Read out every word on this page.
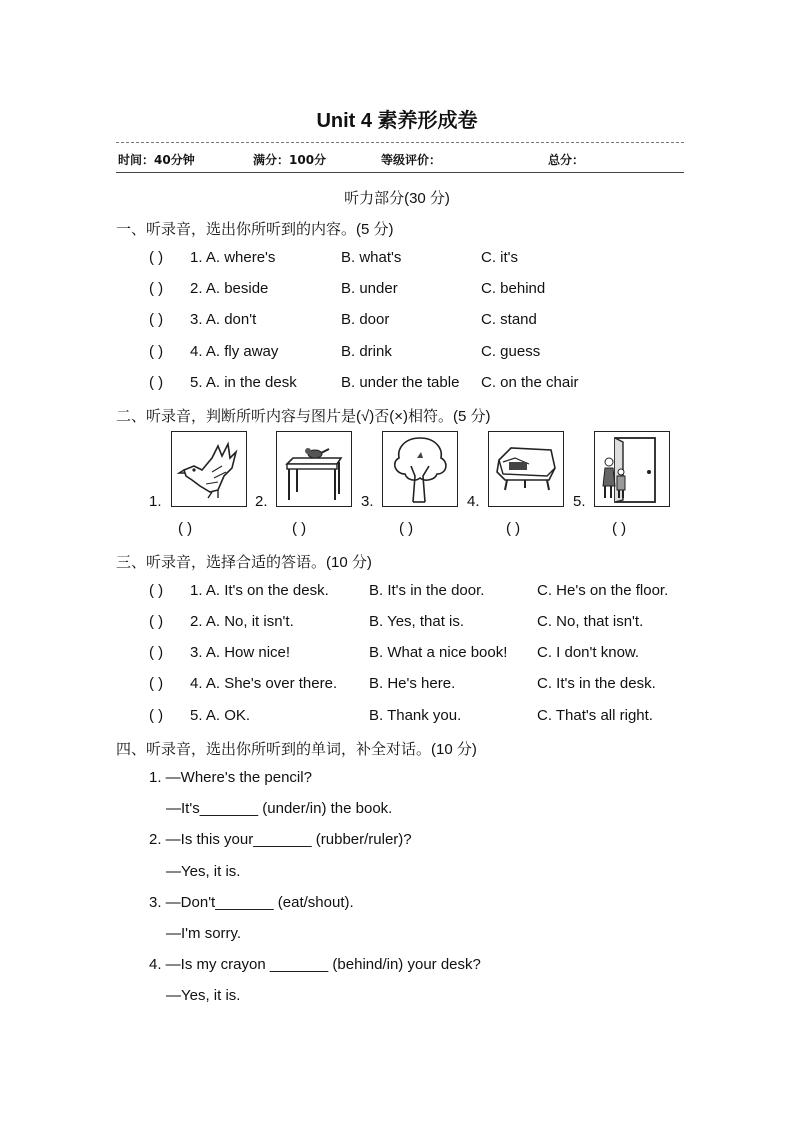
Unit 4 素养形成卷
时间：40分钟	满分：100分	等级评价：	总分：
听力部分(30 分)
一、听录音，选出你所听到的内容。(5 分)
( ) 1. A. where's	B. what's	C. it's
( ) 2. A. beside	B. under	C. behind
( ) 3. A. don't	B. door	C. stand
( ) 4. A. fly away	B. drink	C. guess
( ) 5. A. in the desk	B. under the table C. on the chair
二、听录音，判断所听内容与图片是(√)否(×)相符。(5 分)
1.
( )
2.
( )
3.
( )
4.
( )
5.
( )
三、听录音，选择合适的答语。(10 分)
( ) 1. A. It's on the desk.	B. It's in the door.	C. He's on the floor.
( ) 2. A. No, it isn't.	B. Yes, that is.	C. No, that isn't.
( ) 3. A. How nice!	B. What a nice book! C. I don't know.
( ) 4. A. She's over there. B. He's here.	C. It's in the desk.
( ) 5. A. OK.	B. Thank you.	C. That's all right.
四、听录音，选出你所听到的单词，补全对话。(10 分)
1. —Where's the pencil?
—It's_______ (under/in) the book.
2. —Is this your_______ (rubber/ruler)?
—Yes, it is.
3. —Don't_______ (eat/shout).
—I'm sorry.
4. —Is my crayon _______ (behind/in) your desk?
—Yes, it is.
